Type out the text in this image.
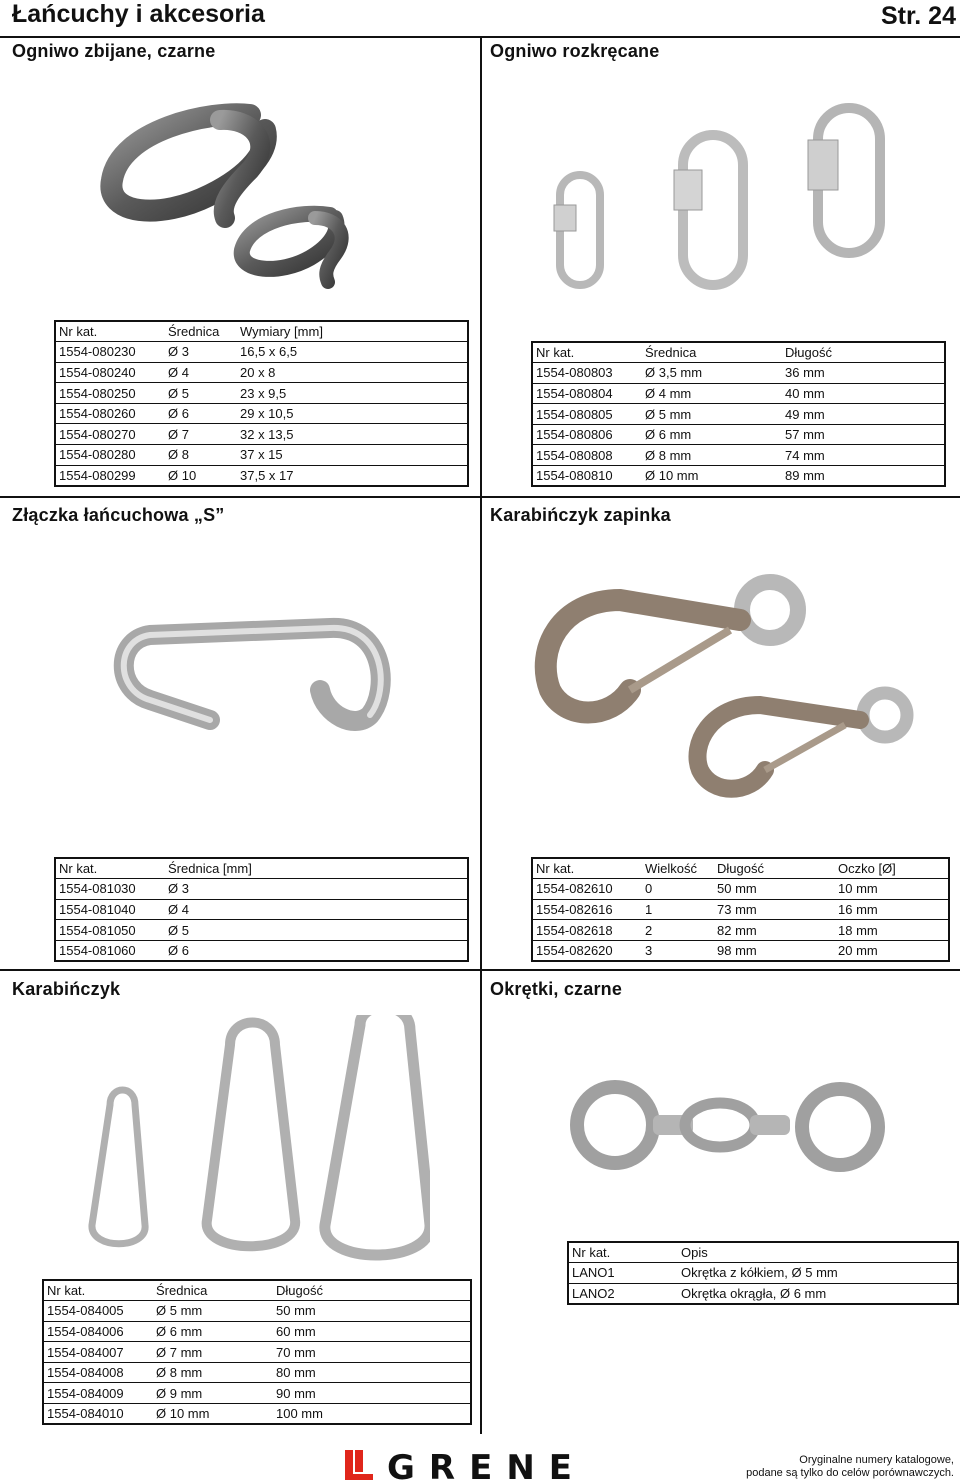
Łańcuchy i akcesoria	Str. 24
Ogniwo zbijane, czarne	Ogniwo rozkręcane
Złączka łańcuchowa „S”	Karabińczyk zapinka
Karabińczyk	Okrętki, czarne
Nr kat.	Średnica	Wymiary [mm]
1554-080230	Ø 3	16,5 x 6,5
1554-080240	Ø 4	20 x 8
1554-080250	Ø 5	23 x 9,5
1554-080260	Ø 6	29 x 10,5
1554-080270	Ø 7	32 x 13,5
1554-080280	Ø 8	37 x 15
1554-080299	Ø 10	37,5 x 17
Nr kat.	Średnica	Długość
1554-080803	Ø 3,5 mm	36 mm
1554-080804	Ø 4 mm	40 mm
1554-080805	Ø 5 mm	49 mm
1554-080806	Ø 6 mm	57 mm
1554-080808	Ø 8 mm	74 mm
1554-080810	Ø 10 mm	89 mm
Nr kat.	Średnica [mm]
1554-081030	Ø 3
1554-081040	Ø 4
1554-081050	Ø 5
1554-081060	Ø 6
Nr kat.	Wielkość	Długość	Oczko [Ø]
1554-082610	0	50 mm	10 mm
1554-082616	1	73 mm	16 mm
1554-082618	2	82 mm	18 mm
1554-082620	3	98 mm	20 mm
Nr kat.	Średnica	Długość
1554-084005	Ø 5 mm	50 mm
1554-084006	Ø 6 mm	60 mm
1554-084007	Ø 7 mm	70 mm
1554-084008	Ø 8 mm	80 mm
1554-084009	Ø 9 mm	90 mm
1554-084010	Ø 10 mm	100 mm
Nr kat.	Opis
LANO1	Okrętka z kółkiem, Ø 5 mm
LANO2	Okrętka okrągła, Ø 6 mm
GRENE	Oryginalne numery katalogowe,
podane są tylko do celów porównawczych.
